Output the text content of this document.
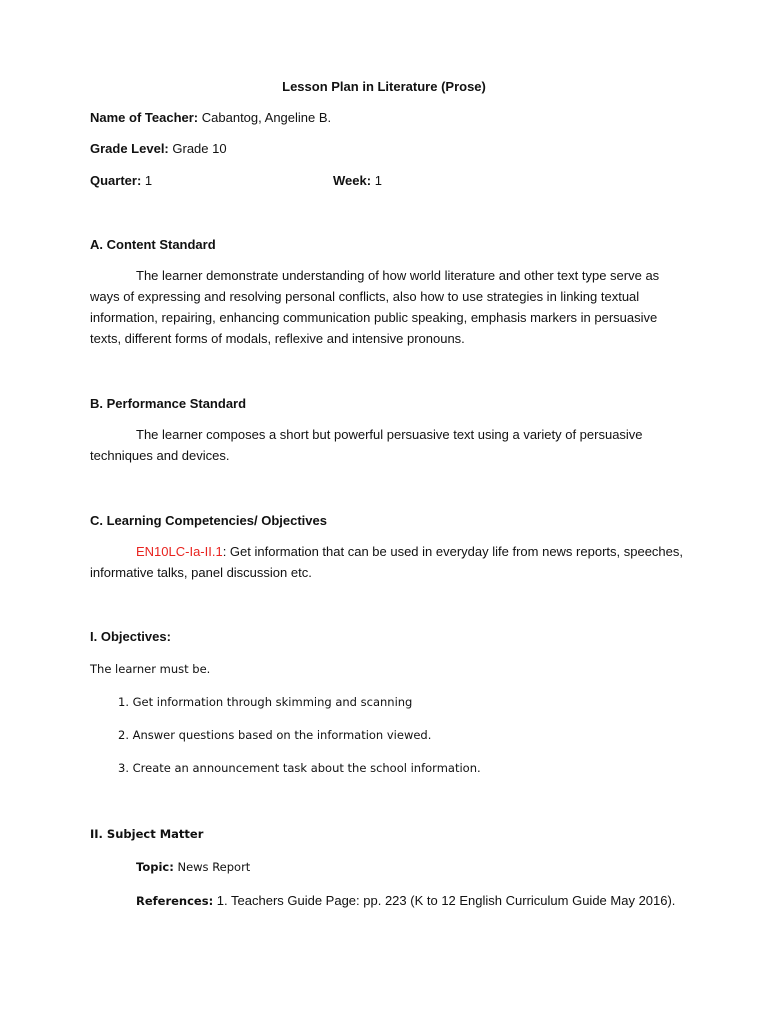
Lesson Plan in Literature (Prose)

Name of Teacher: Cabantog, Angeline B.

Grade Level: Grade 10

Quarter: 1	Week: 1

A. Content Standard

The learner demonstrate understanding of how world literature and other text type serve as ways of expressing and resolving personal conflicts, also how to use strategies in linking textual information, repairing, enhancing communication public speaking, emphasis markers in persuasive texts, different forms of modals, reflexive and intensive pronouns.

B. Performance Standard

The learner composes a short but powerful persuasive text using a variety of persuasive techniques and devices.

C. Learning Competencies/ Objectives

EN10LC-Ia-II.1: Get information that can be used in everyday life from news reports, speeches, informative talks, panel discussion etc.

I. Objectives:

The learner must be.

1. Get information through skimming and scanning

2. Answer questions based on the information viewed.

3. Create an announcement task about the school information.

II. Subject Matter

Topic: News Report

References: 1. Teachers Guide Page: pp. 223 (K to 12 English Curriculum Guide May 2016).
